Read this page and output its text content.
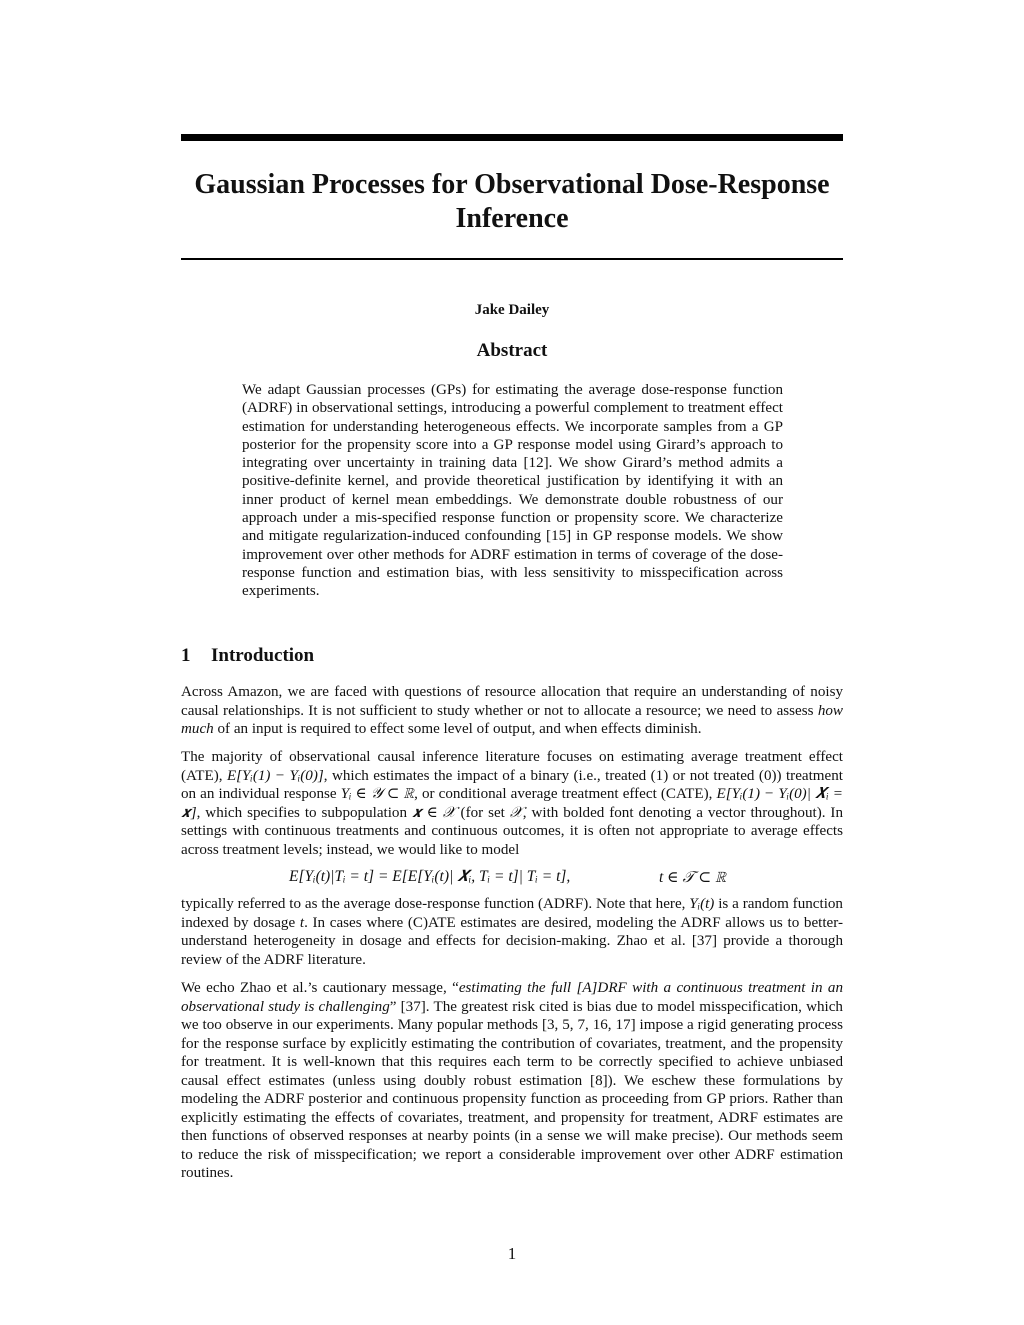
Gaussian Processes for Observational Dose-Response Inference
Jake Dailey
Abstract

We adapt Gaussian processes (GPs) for estimating the average dose-response function (ADRF) in observational settings, introducing a powerful complement to treatment effect estimation for understanding heterogeneous effects. We incorporate samples from a GP posterior for the propensity score into a GP response model using Girard’s approach to integrating over uncertainty in training data [12]. We show Girard’s method admits a positive-definite kernel, and provide theoretical justification by identifying it with an inner product of kernel mean embeddings. We demonstrate double robustness of our approach under a mis-specified response function or propensity score. We characterize and mitigate regularization-induced confounding [15] in GP response models. We show improvement over other methods for ADRF estimation in terms of coverage of the dose-response function and estimation bias, with less sensitivity to misspecification across experiments.

1 Introduction

Across Amazon, we are faced with questions of resource allocation that require an understanding of noisy causal relationships. It is not sufficient to study whether or not to allocate a resource; we need to assess how much of an input is required to effect some level of output, and when effects diminish.

The majority of observational causal inference literature focuses on estimating average treatment effect (ATE), E[Yᵢ(1) − Yᵢ(0)], which estimates the impact of a binary (i.e., treated (1) or not treated (0)) treatment on an individual response Yᵢ ∈ 𝒴 ⊂ ℝ, or conditional average treatment effect (CATE), E[Yᵢ(1) − Yᵢ(0)| 𝑿ᵢ = 𝒙], which specifies to subpopulation 𝒙 ∈ 𝒳 (for set 𝒳, with bolded font denoting a vector throughout). In settings with continuous treatments and continuous outcomes, it is often not appropriate to average effects across treatment levels; instead, we would like to model

E[Yᵢ(t)|Tᵢ = t] = E[E[Yᵢ(t)| 𝑿ᵢ, Tᵢ = t]| Tᵢ = t],	t ∈ 𝒯 ⊂ ℝ

typically referred to as the average dose-response function (ADRF). Note that here, Yᵢ(t) is a random function indexed by dosage t. In cases where (C)ATE estimates are desired, modeling the ADRF allows us to better-understand heterogeneity in dosage and effects for decision-making. Zhao et al. [37] provide a thorough review of the ADRF literature.

We echo Zhao et al.’s cautionary message, “estimating the full [A]DRF with a continuous treatment in an observational study is challenging” [37]. The greatest risk cited is bias due to model misspecification, which we too observe in our experiments. Many popular methods [3, 5, 7, 16, 17] impose a rigid generating process for the response surface by explicitly estimating the contribution of covariates, treatment, and the propensity for treatment. It is well-known that this requires each term to be correctly specified to achieve unbiased causal effect estimates (unless using doubly robust estimation [8]). We eschew these formulations by modeling the ADRF posterior and continuous propensity function as proceeding from GP priors. Rather than explicitly estimating the effects of covariates, treatment, and propensity for treatment, ADRF estimates are then functions of observed responses at nearby points (in a sense we will make precise). Our methods seem to reduce the risk of misspecification; we report a considerable improvement over other ADRF estimation routines.

1
